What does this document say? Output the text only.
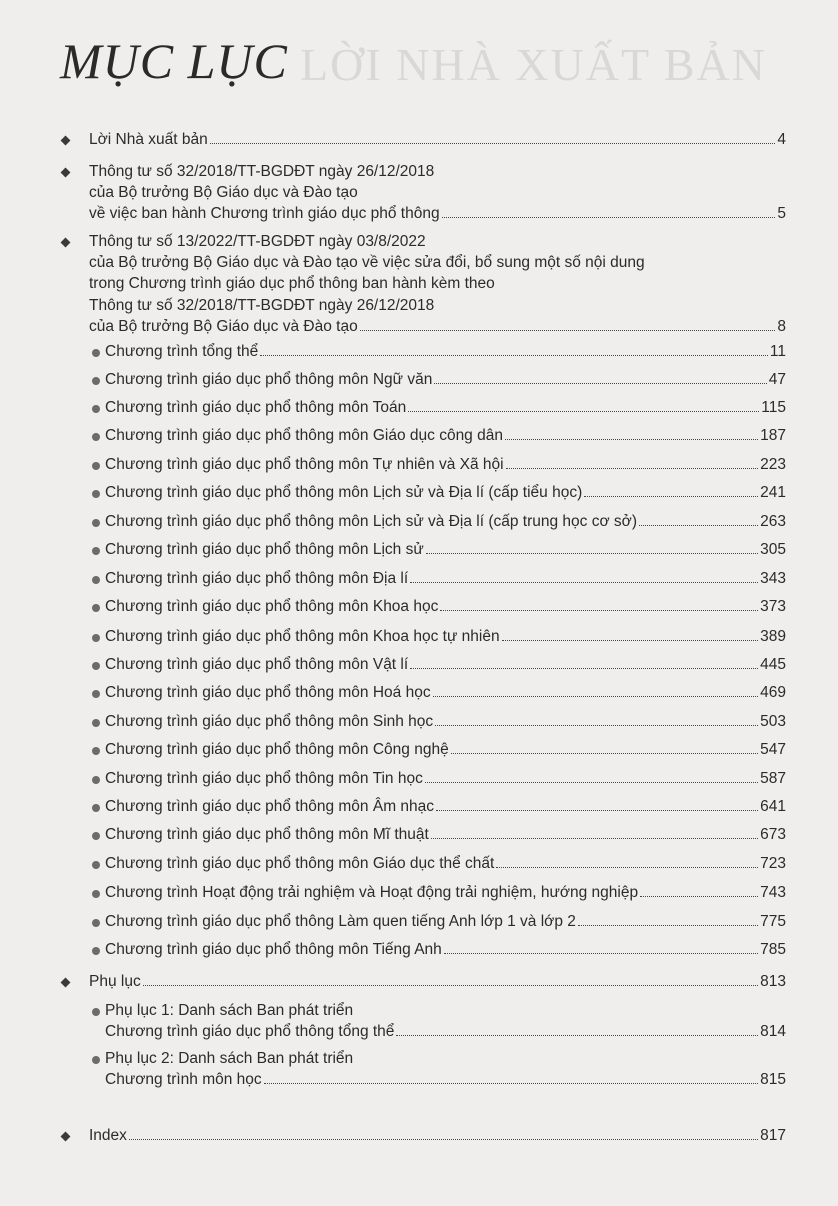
LỜI NHÀ XUẤT BẢN
MỤC LỤC
Lời Nhà xuất bản	4
Thông tư số 32/2018/TT-BGDĐT ngày 26/12/2018
của Bộ trưởng Bộ Giáo dục và Đào tạo
về việc ban hành Chương trình giáo dục phổ thông	5
Thông tư số 13/2022/TT-BGDĐT ngày 03/8/2022
của Bộ trưởng Bộ Giáo dục và Đào tạo về việc sửa đổi, bổ sung một số nội dung
trong Chương trình giáo dục phổ thông ban hành kèm theo
Thông tư số 32/2018/TT-BGDĐT ngày 26/12/2018
của Bộ trưởng Bộ Giáo dục và Đào tạo	8
Chương trình tổng thể	11
Chương trình giáo dục phổ thông môn Ngữ văn	47
Chương trình giáo dục phổ thông môn Toán	115
Chương trình giáo dục phổ thông môn Giáo dục công dân	187
Chương trình giáo dục phổ thông môn Tự nhiên và Xã hội	223
Chương trình giáo dục phổ thông môn Lịch sử và Địa lí (cấp tiểu học)	241
Chương trình giáo dục phổ thông môn Lịch sử và Địa lí (cấp trung học cơ sở)	263
Chương trình giáo dục phổ thông môn Lịch sử	305
Chương trình giáo dục phổ thông môn Địa lí	343
Chương trình giáo dục phổ thông môn Khoa học	373
Chương trình giáo dục phổ thông môn Khoa học tự nhiên	389
Chương trình giáo dục phổ thông môn Vật lí	445
Chương trình giáo dục phổ thông môn Hoá học	469
Chương trình giáo dục phổ thông môn Sinh học	503
Chương trình giáo dục phổ thông môn Công nghệ	547
Chương trình giáo dục phổ thông môn Tin học	587
Chương trình giáo dục phổ thông môn Âm nhạc	641
Chương trình giáo dục phổ thông môn Mĩ thuật	673
Chương trình giáo dục phổ thông môn Giáo dục thể chất	723
Chương trình Hoạt động trải nghiệm và Hoạt động trải nghiệm, hướng nghiệp	743
Chương trình giáo dục phổ thông Làm quen tiếng Anh lớp 1 và lớp 2	775
Chương trình giáo dục phổ thông môn Tiếng Anh	785
Phụ lục	813
Phụ lục 1: Danh sách Ban phát triển
Chương trình giáo dục phổ thông tổng thể	814
Phụ lục 2: Danh sách Ban phát triển
Chương trình môn học	815
Index	817
